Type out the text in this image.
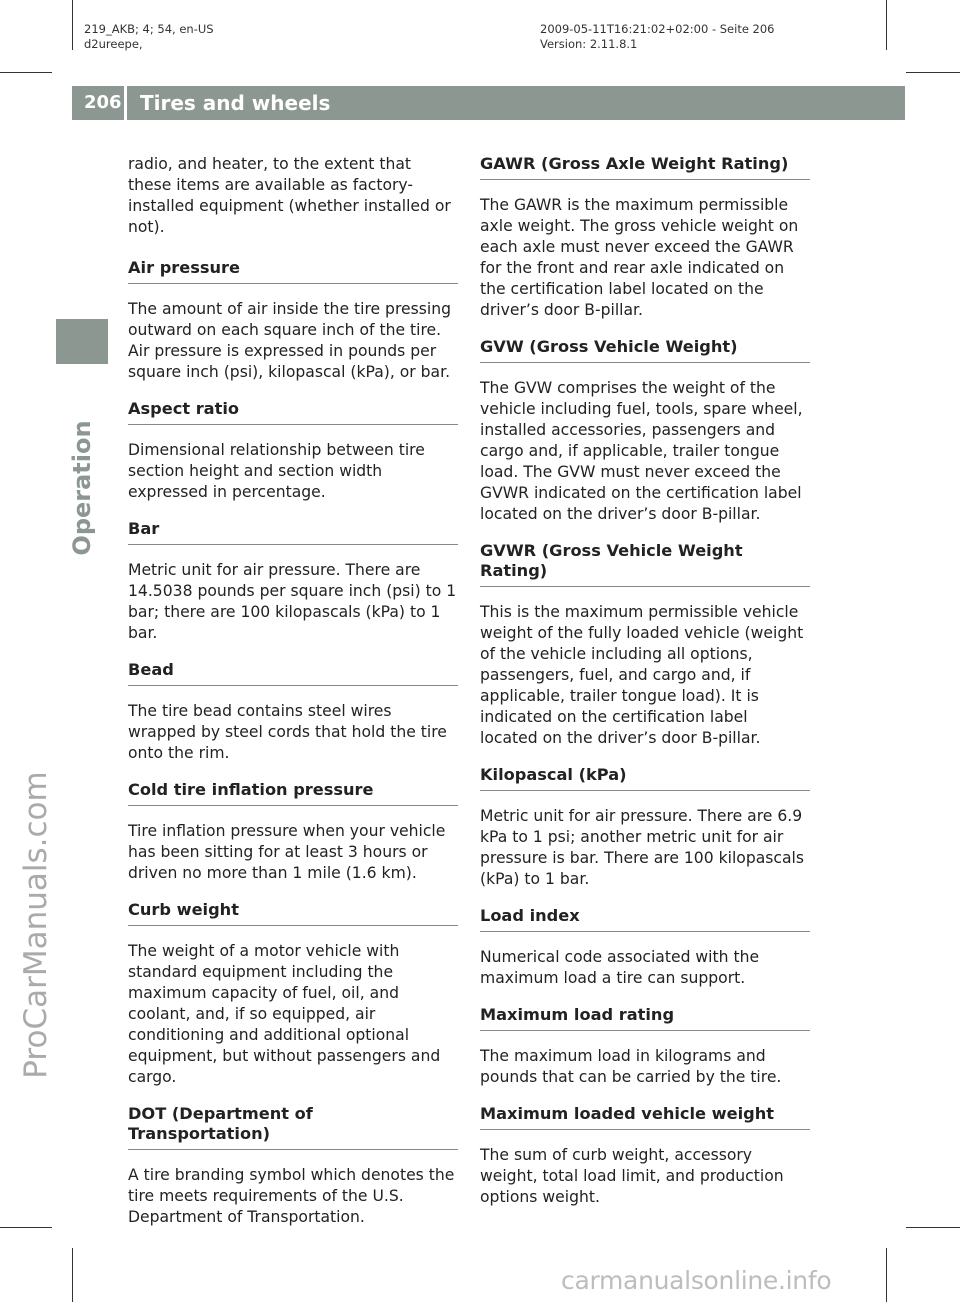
219_AKB; 4; 54, en-US
d2ureepe,
2009-05-11T16:21:02+02:00 - Seite 206
Version: 2.11.8.1
206 Tires and wheels
Operation
ProCarManuals.com
carmanualsonline.info

radio, and heater, to the extent that these items are available as factory-installed equipment (whether installed or not).

Air pressure

The amount of air inside the tire pressing outward on each square inch of the tire. Air pressure is expressed in pounds per square inch (psi), kilopascal (kPa), or bar.

Aspect ratio

Dimensional relationship between tire section height and section width expressed in percentage.

Bar

Metric unit for air pressure. There are 14.5038 pounds per square inch (psi) to 1 bar; there are 100 kilopascals (kPa) to 1 bar.

Bead

The tire bead contains steel wires wrapped by steel cords that hold the tire onto the rim.

Cold tire inflation pressure

Tire inflation pressure when your vehicle has been sitting for at least 3 hours or driven no more than 1 mile (1.6 km).

Curb weight

The weight of a motor vehicle with standard equipment including the maximum capacity of fuel, oil, and coolant, and, if so equipped, air conditioning and additional optional equipment, but without passengers and cargo.

DOT (Department of Transportation)

A tire branding symbol which denotes the tire meets requirements of the U.S. Department of Transportation.

GAWR (Gross Axle Weight Rating)

The GAWR is the maximum permissible axle weight. The gross vehicle weight on each axle must never exceed the GAWR for the front and rear axle indicated on the certification label located on the driver’s door B-pillar.

GVW (Gross Vehicle Weight)

The GVW comprises the weight of the vehicle including fuel, tools, spare wheel, installed accessories, passengers and cargo and, if applicable, trailer tongue load. The GVW must never exceed the GVWR indicated on the certification label located on the driver’s door B-pillar.

GVWR (Gross Vehicle Weight Rating)

This is the maximum permissible vehicle weight of the fully loaded vehicle (weight of the vehicle including all options, passengers, fuel, and cargo and, if applicable, trailer tongue load). It is indicated on the certification label located on the driver’s door B-pillar.

Kilopascal (kPa)

Metric unit for air pressure. There are 6.9 kPa to 1 psi; another metric unit for air pressure is bar. There are 100 kilopascals (kPa) to 1 bar.

Load index

Numerical code associated with the maximum load a tire can support.

Maximum load rating

The maximum load in kilograms and pounds that can be carried by the tire.

Maximum loaded vehicle weight

The sum of curb weight, accessory weight, total load limit, and production options weight.
